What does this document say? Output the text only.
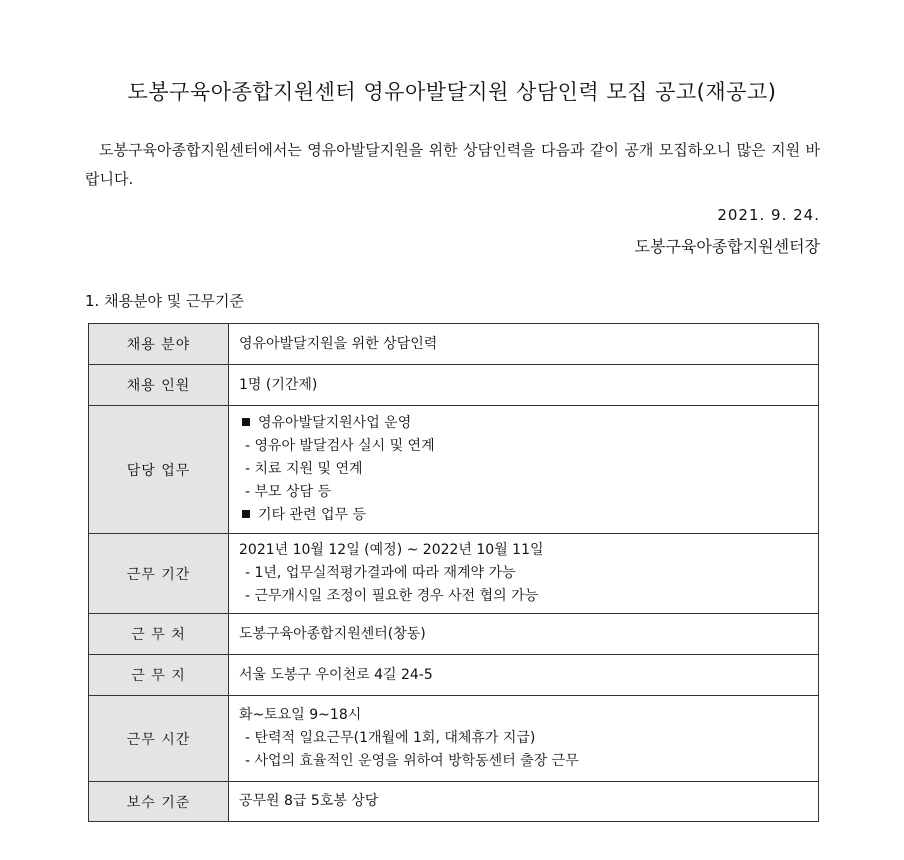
도봉구육아종합지원센터 영유아발달지원 상담인력 모집 공고(재공고)
도봉구육아종합지원센터에서는 영유아발달지원을 위한 상담인력을 다음과 같이 공개 모집하오니 많은 지원 바랍니다.
2021. 9. 24.
도봉구육아종합지원센터장
1. 채용분야 및 근무기준
채용 분야	영유아발달지원을 위한 상담인력

채용 인원	1명 (기간제)

담당 업무	영유아발달지원사업 운영
- 영유아 발달검사 실시 및 연계
- 치료 지원 및 연계
- 부모 상담 등
기타 관련 업무 등

근무 기간	2021년 10월 12일 (예정) ~ 2022년 10월 11일
- 1년, 업무실적평가결과에 따라 재계약 가능
- 근무개시일 조정이 필요한 경우 사전 협의 가능

근 무 처	도봉구육아종합지원센터(창동)

근 무 지	서울 도봉구 우이천로 4길 24-5

근무 시간	화~토요일 9~18시
- 탄력적 일요근무(1개월에 1회, 대체휴가 지급)
- 사업의 효율적인 운영을 위하여 방학동센터 출장 근무

보수 기준	공무원 8급 5호봉 상당
